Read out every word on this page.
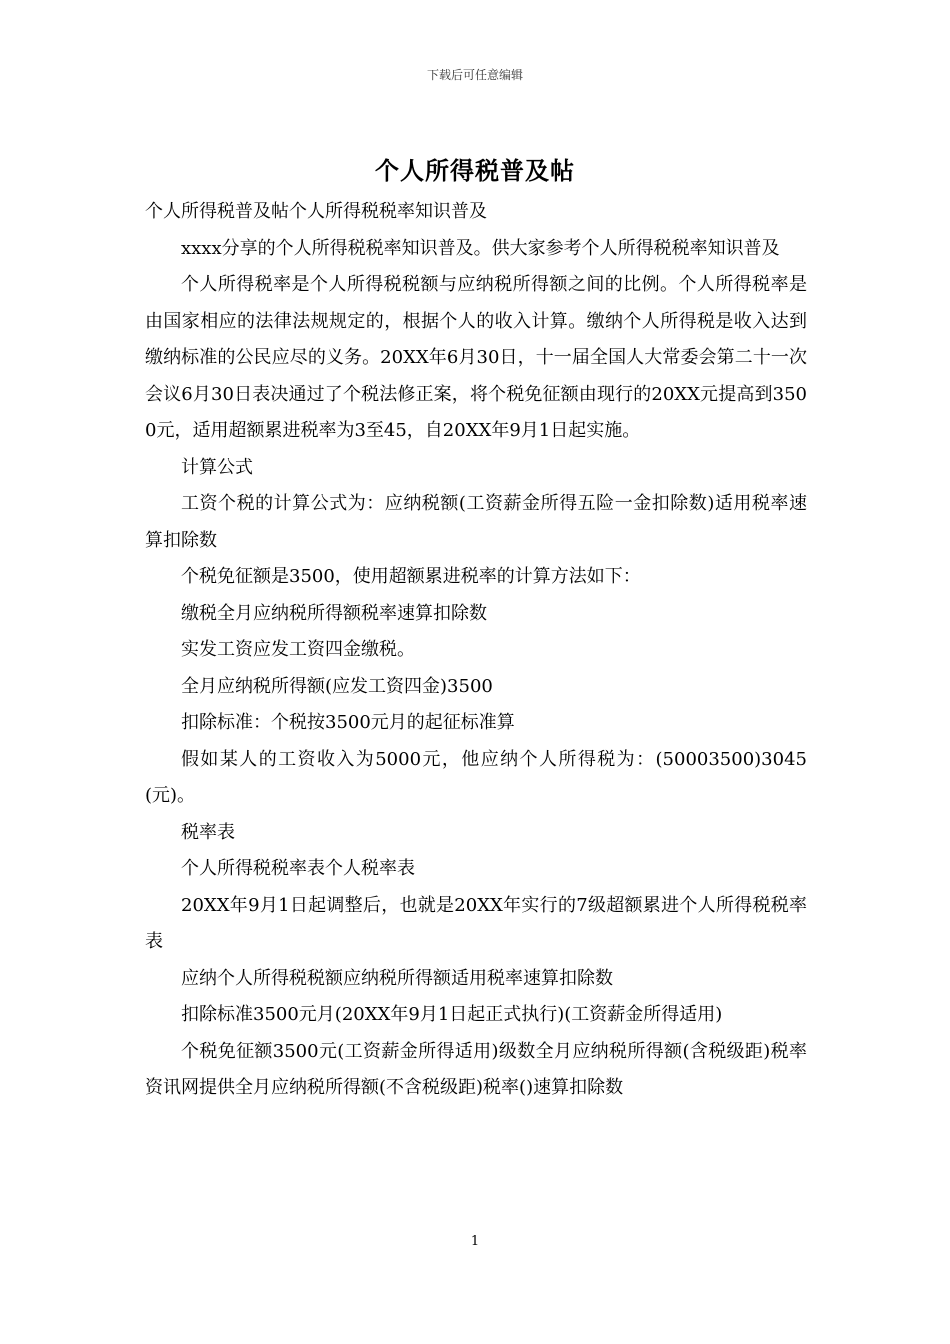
下载后可任意编辑
个人所得税普及帖

个人所得税普及帖个人所得税税率知识普及

xxxx分享的个人所得税税率知识普及。供大家参考个人所得税税率知识普及

个人所得税率是个人所得税税额与应纳税所得额之间的比例。个人所得税率是由国家相应的法律法规规定的，根据个人的收入计算。缴纳个人所得税是收入达到缴纳标准的公民应尽的义务。20XX年6月30日，十一届全国人大常委会第二十一次会议6月30日表决通过了个税法修正案，将个税免征额由现行的20XX元提高到3500元，适用超额累进税率为3至45，自20XX年9月1日起实施。

计算公式

工资个税的计算公式为：应纳税额(工资薪金所得五险一金扣除数)适用税率速算扣除数

个税免征额是3500，使用超额累进税率的计算方法如下：

缴税全月应纳税所得额税率速算扣除数

实发工资应发工资四金缴税。

全月应纳税所得额(应发工资四金)3500

扣除标准：个税按3500元月的起征标准算

假如某人的工资收入为5000元，他应纳个人所得税为：(50003500)3045(元)。

税率表

个人所得税税率表个人税率表

20XX年9月1日起调整后，也就是20XX年实行的7级超额累进个人所得税税率表

应纳个人所得税税额应纳税所得额适用税率速算扣除数

扣除标准3500元月(20XX年9月1日起正式执行)(工资薪金所得适用)

个税免征额3500元(工资薪金所得适用)级数全月应纳税所得额(含税级距)税率资讯网提供全月应纳税所得额(不含税级距)税率()速算扣除数

1
